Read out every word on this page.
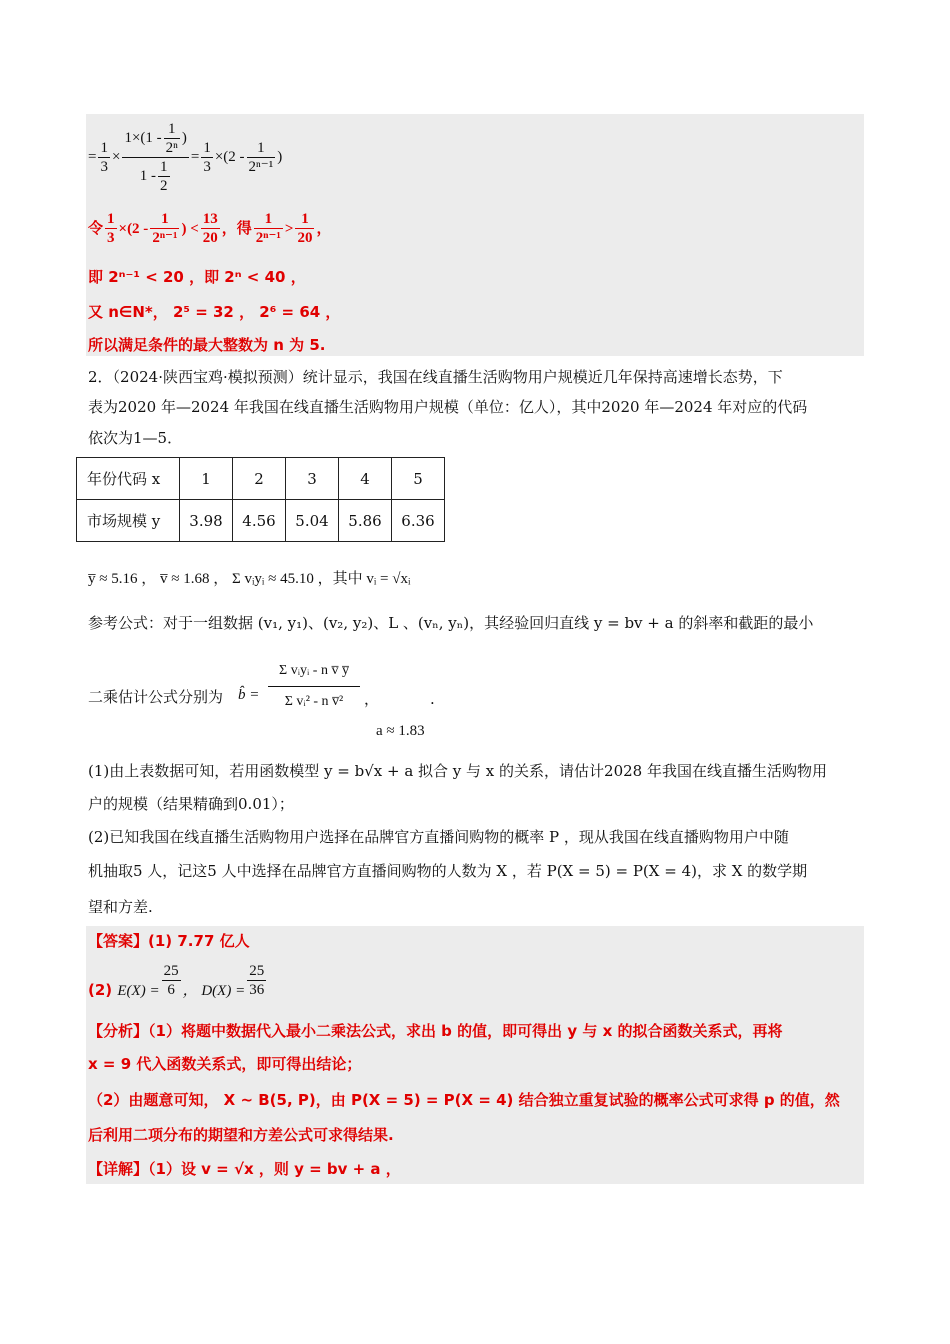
= $\frac{1}{3} \times \frac{1\times(1 - \frac{1}{\text{2ⁿ}} )}{1 - \frac{1}{2}} = \frac{1}{3} \times(2 - \frac{1}{\text{2ⁿ⁻¹}}$ )
令 $\frac{1}{3} \times(2 - \frac{1}{\text{2ⁿ⁻¹}}$ ) < $\frac{13}{20}$ ，得 $\frac{1}{\text{2ⁿ⁻¹}} > \frac{1}{20}$ ，
即 2ⁿ⁻¹ < 20 ，即 2ⁿ < 40 ，
又 n∈N*， 2⁵ = 32 ， 2⁶ = 64 ，
所以满足条件的最大整数为 n 为 5.
2．（2024·陕西宝鸡·模拟预测）统计显示，我国在线直播生活购物用户规模近几年保持高速增长态势，下
表为2020 年—2024 年我国在线直播生活购物用户规模（单位：亿人），其中2020 年—2024 年对应的代码
依次为1—5．
年份代码 x	1	2	3	4	5
市场规模 y	3.98	4.56	5.04	5.86	6.36
y̅ ≈ 5.16 ， v̅ ≈ 1.68 ， Σ vᵢyᵢ ≈ 45.10 ，其中 vᵢ = √xᵢ
参考公式：对于一组数据 (v₁, y₁)、(v₂, y₂)、L 、(vₙ, yₙ)，其经验回归直线 y = bv + a 的斜率和截距的最小
二乘估计公式分别为 b̂ =
Σ vᵢyᵢ - n v̅ y̅
Σ vᵢ² - n v̅²	，	.
a ≈ 1.83
(1)由上表数据可知，若用函数模型 y = b√x + a 拟合 y 与 x 的关系，请估计2028 年我国在线直播生活购物用
户的规模（结果精确到0.01）；
(2)已知我国在线直播生活购物用户选择在品牌官方直播间购物的概率 P ，现从我国在线直播购物用户中随
机抽取5 人，记这5 人中选择在品牌官方直播间购物的人数为 X ，若 P(X = 5) = P(X = 4)，求 X 的数学期
望和方差.
【答案】(1) 7.77 亿人
(2) $E(X) = \frac{25}{6}$ ， $D(X) = \frac{25}{36}$
【分析】（1）将题中数据代入最小二乘法公式，求出 b 的值，即可得出 y 与 x 的拟合函数关系式，再将
x = 9 代入函数关系式，即可得出结论；
（2）由题意可知， X ~ B(5, P)，由 P(X = 5) = P(X = 4) 结合独立重复试验的概率公式可求得 p 的值，然
后利用二项分布的期望和方差公式可求得结果.
【详解】（1）设 v = √x ，则 y = bv + a ，
